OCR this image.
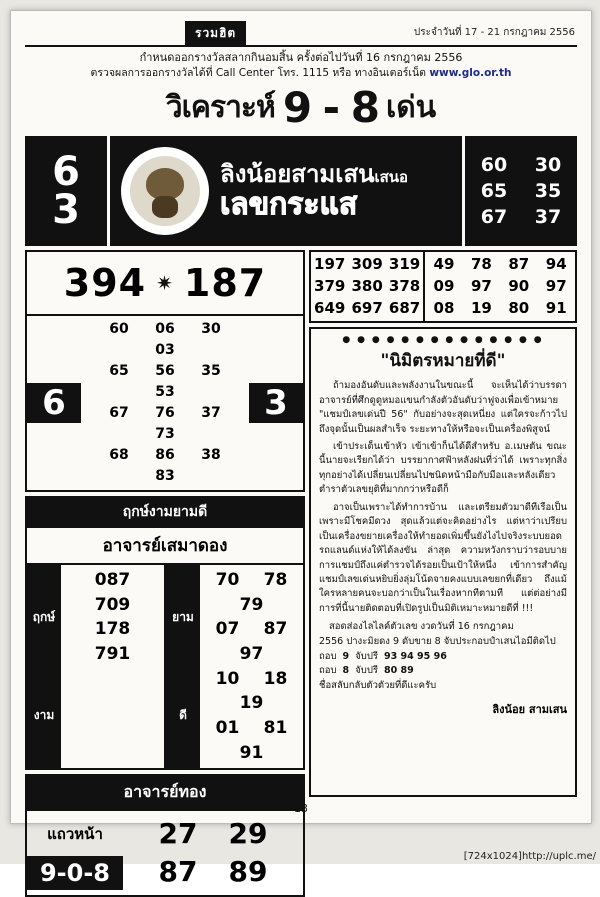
รวมฮิต	ประจำวันที่ 17 - 21 กรกฎาคม 2556
กำหนดออกรางวัลสลากกินอมสิ้น ครั้งต่อไปวันที่ 16 กรกฎาคม 2556
ตรวจผลการออกรางวัลได้ที่ Call Center โทร. 1115 หรือ ทางอินเตอร์เน็ต www.glo.or.th
วิเคราะห์ 9 - 8 เด่น
6
3
ลิงน้อยสามเสนเสนอ
เลขกระแส
60 30
65 35
67 37
394 ✷ 187
6
60 06 3003
65 56 3553
67 76 3773
68 86 3883
3
ฤกษ์งามยามดี
อาจารย์เสมาดอง
ฤกษ์
งาม
087
709
178
791
ยาม
ดี
70 7879
07 8797
10 1819
01 8191
อาจารย์ทอง
แถวหน้า
9-0-8
27 29
87 89
197
379
649
309
380
697
319
378
687
49
09
08
78
97
19
87
90
80
94
97
91
● ● ● ● ● ● ● ● ● ● ● ● ● ●
"นิมิตรหมายที่ดี"

ถ้ามองอันดับและพลังงานในขณะนี้ จะเห็นได้ว่าบรรดาอาจารย์ที่ศึกดูดูหมอแขนกำลังตัวอันดับว่าฟูจงเพื่อเข้าหมาย "แชมป์เลขเด่นปี 56" กับอย่างจะสุดเหนี่ยง แต่ใครจะก้าวไปถึงจุดนั้นเป็นผลสำเร็จ ระยะทางให้หรือจะเป็นเครื่องพิสูจน์

เข้าประเด็นเข้าหัว เข้าเข้าก็นได้ดีสำหรับ อ.เมษตัน ขณะนี้นายจะเรียกได้ว่า บรรยากาศฟ้าหลังฝนที่ว่าได้ เพราะทุกสิ่งทุกอย่างได้เปลี่ยนเปลี่ยนไปชนิดหน้ามือกับมือและหลังเดียว ตำราตัวเลขยุติที่มากกว่าหรือดีก็

อาจเป็นเพราะได้ทำการบ้าน และเตรียมตัวมาดีทีเรือเป็นเพราะมีโชคมีดวง สุดแล้วแต่จะคิดอย่างไร แต่หาว่าเปรียบเป็นเครื่องขยายเครื่องให้ทำยอดเพิ่มขึ้นยังไงไปจริงระบบยอดรถแลนด์แห่งให้ได้ลงขัน ล่าสุด ความหวังกราบว่ารอบบายการแชมป์ถึงแค่ตำรวจได้รอยเป็นเป้าให้หนึ่ง เข้าการสำคัญแชมป์เลขเด่นหยิบยิ่งลุ่มโน้ดจายคงแบบเลขยกที่เดียว ถึงแม้ใครหลายคนจะบอกว่าเป็นในเรื่องหากทีตามที แต่ต่อย่างมีการที่นี้นายติดตอบที่เปิดรูปเป็นมิติเหมาะหมายดีที่ !!!

สอดส่องไลไลค์ตัวเลข งวดวันที่ 16 กรกฎาคม
2556 ปางะมิยดง 9 ดับขาย 8 จับประกอบปำเสนไอมีติดไป
ถอบ 9 จับปรี 93 94 95 96
ถอบ 8 จับปรี 80 89
ชื่อสลับกลับตัวตัวยที่ดีแะครับ
ลิงน้อย สามเสน
13
[724x1024]http://uplc.me/
